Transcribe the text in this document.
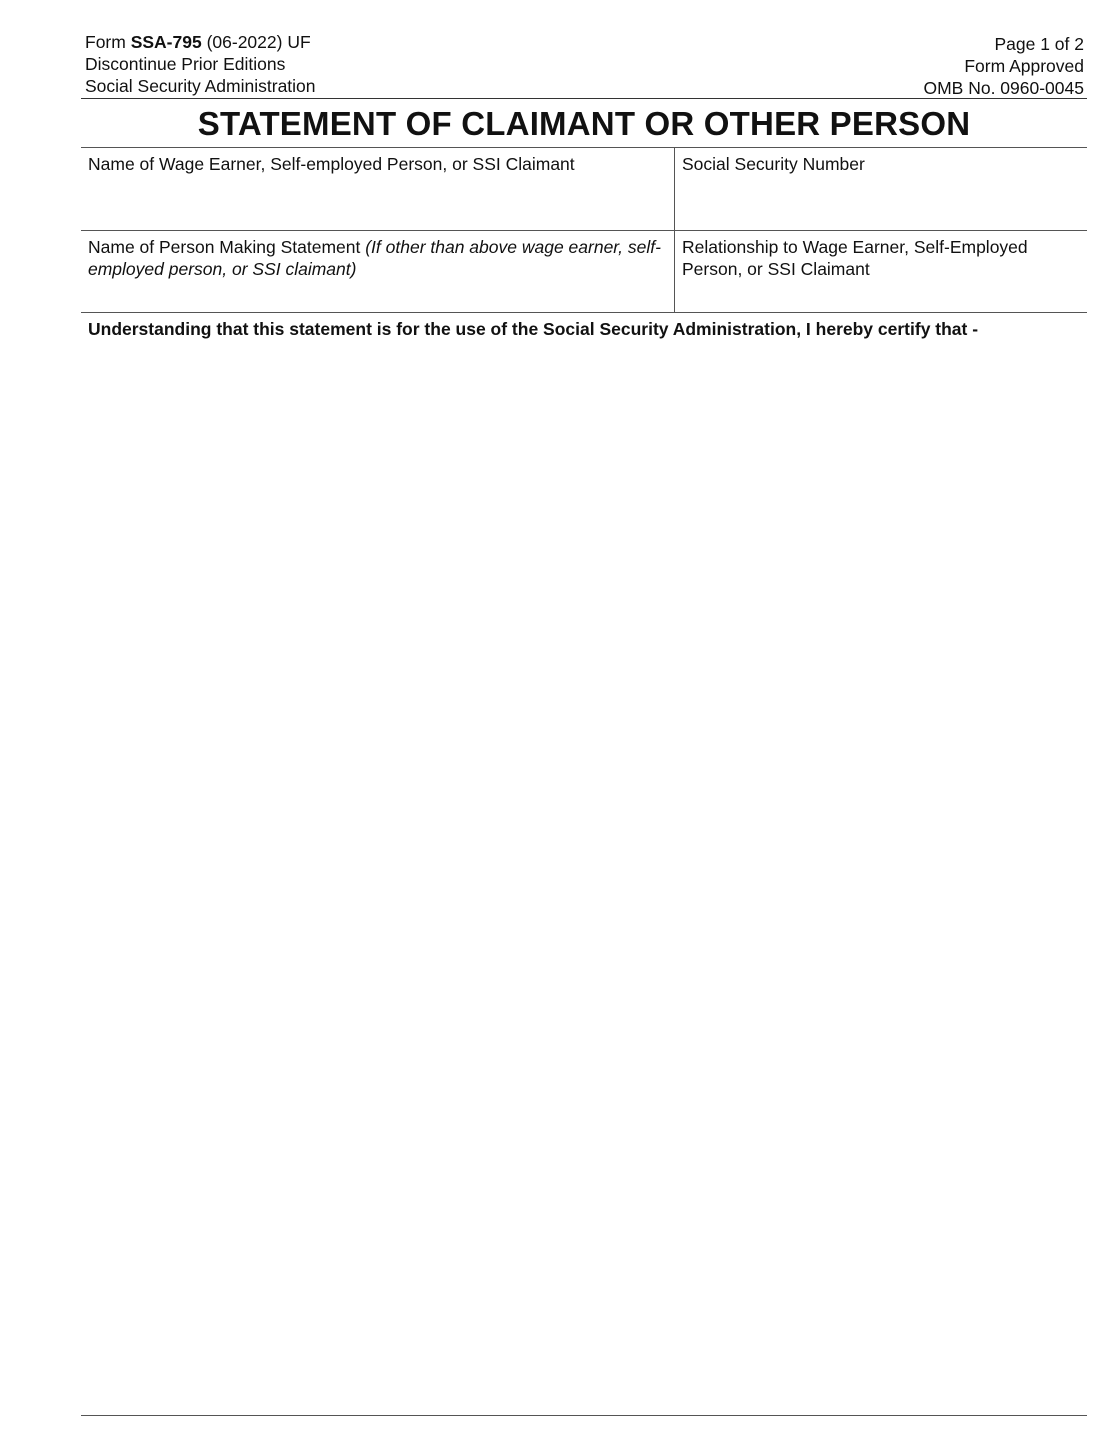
Form SSA-795 (06-2022) UF
Discontinue Prior Editions
Social Security Administration
Page 1 of 2
Form Approved
OMB No. 0960-0045
STATEMENT OF CLAIMANT OR OTHER PERSON
Name of Wage Earner, Self-employed Person, or SSI Claimant	Social Security Number
Name of Person Making Statement (If other than above wage earner, self-employed person, or SSI claimant)
Relationship to Wage Earner, Self-Employed Person, or SSI Claimant
Understanding that this statement is for the use of the Social Security Administration, I hereby certify that -
